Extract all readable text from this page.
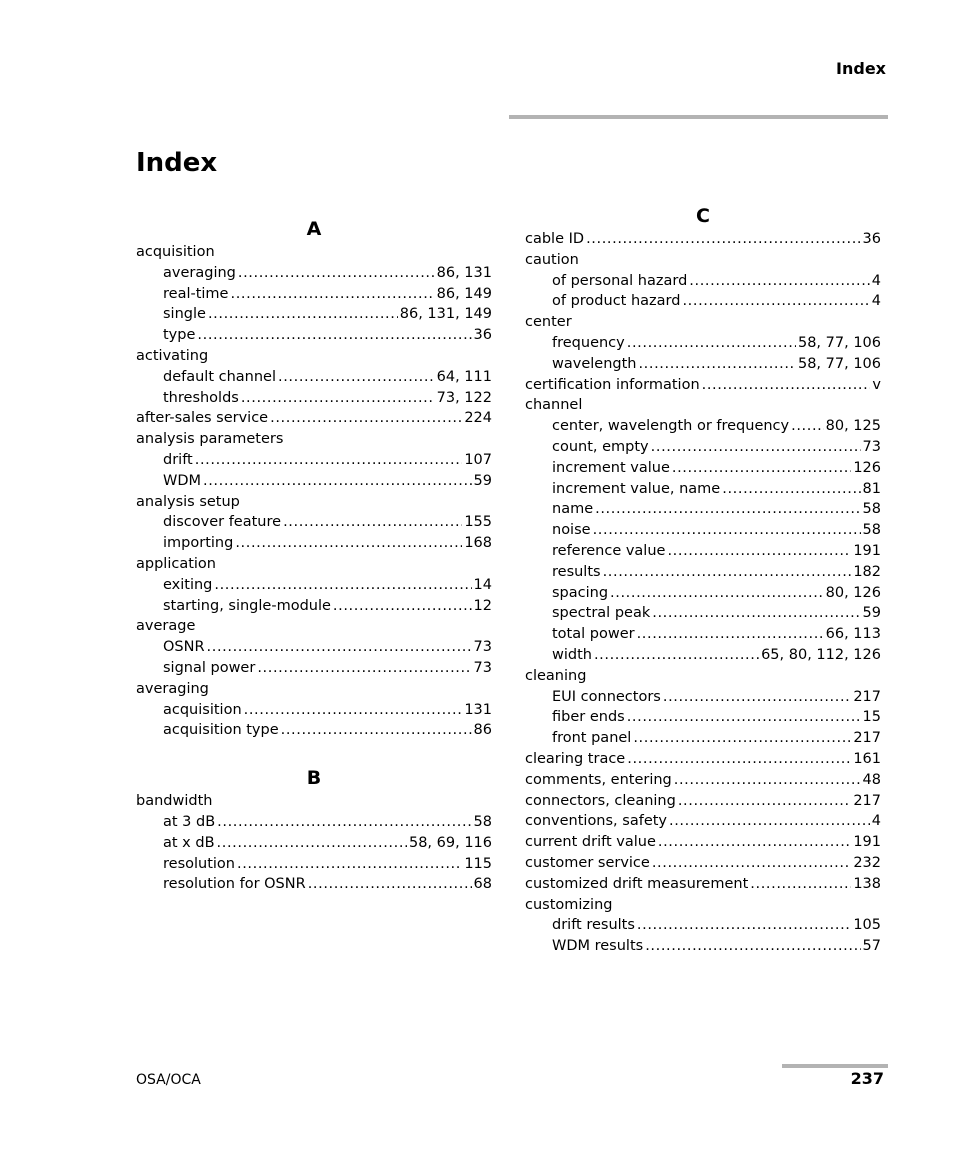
Index
Index
A
acquisition
averaging .....	86, 131
real-time .....	86, 149
single .....	86, 131, 149
type .....	36
activating
default channel .....	64, 111
thresholds .....	73, 122
after-sales service .....	224
analysis parameters
drift .....	107
WDM .....	59
analysis setup
discover feature .....	155
importing .....	168
application
exiting .....	14
starting, single-module .....	12
average
OSNR .....	73
signal power .....	73
averaging
acquisition .....	131
acquisition type .....	86
B
bandwidth
at 3 dB .....	58
at x dB .....	58, 69, 116
resolution .....	115
resolution for OSNR .....	68
C
cable ID .....	36
caution
of personal hazard .....	4
of product hazard .....	4
center
frequency .....	58, 77, 106
wavelength .....	58, 77, 106
certification information .....	v
channel
center, wavelength or frequency .....	80, 125
count, empty .....	73
increment value .....	126
increment value, name .....	81
name .....	58
noise .....	58
reference value .....	191
results .....	182
spacing .....	80, 126
spectral peak .....	59
total power .....	66, 113
width .....	65, 80, 112, 126
cleaning
EUI connectors .....	217
fiber ends .....	15
front panel .....	217
clearing trace .....	161
comments, entering .....	48
connectors, cleaning .....	217
conventions, safety .....	4
current drift value .....	191
customer service .....	232
customized drift measurement .....	138
customizing
drift results .....	105
WDM results .....	57
OSA/OCA	237
